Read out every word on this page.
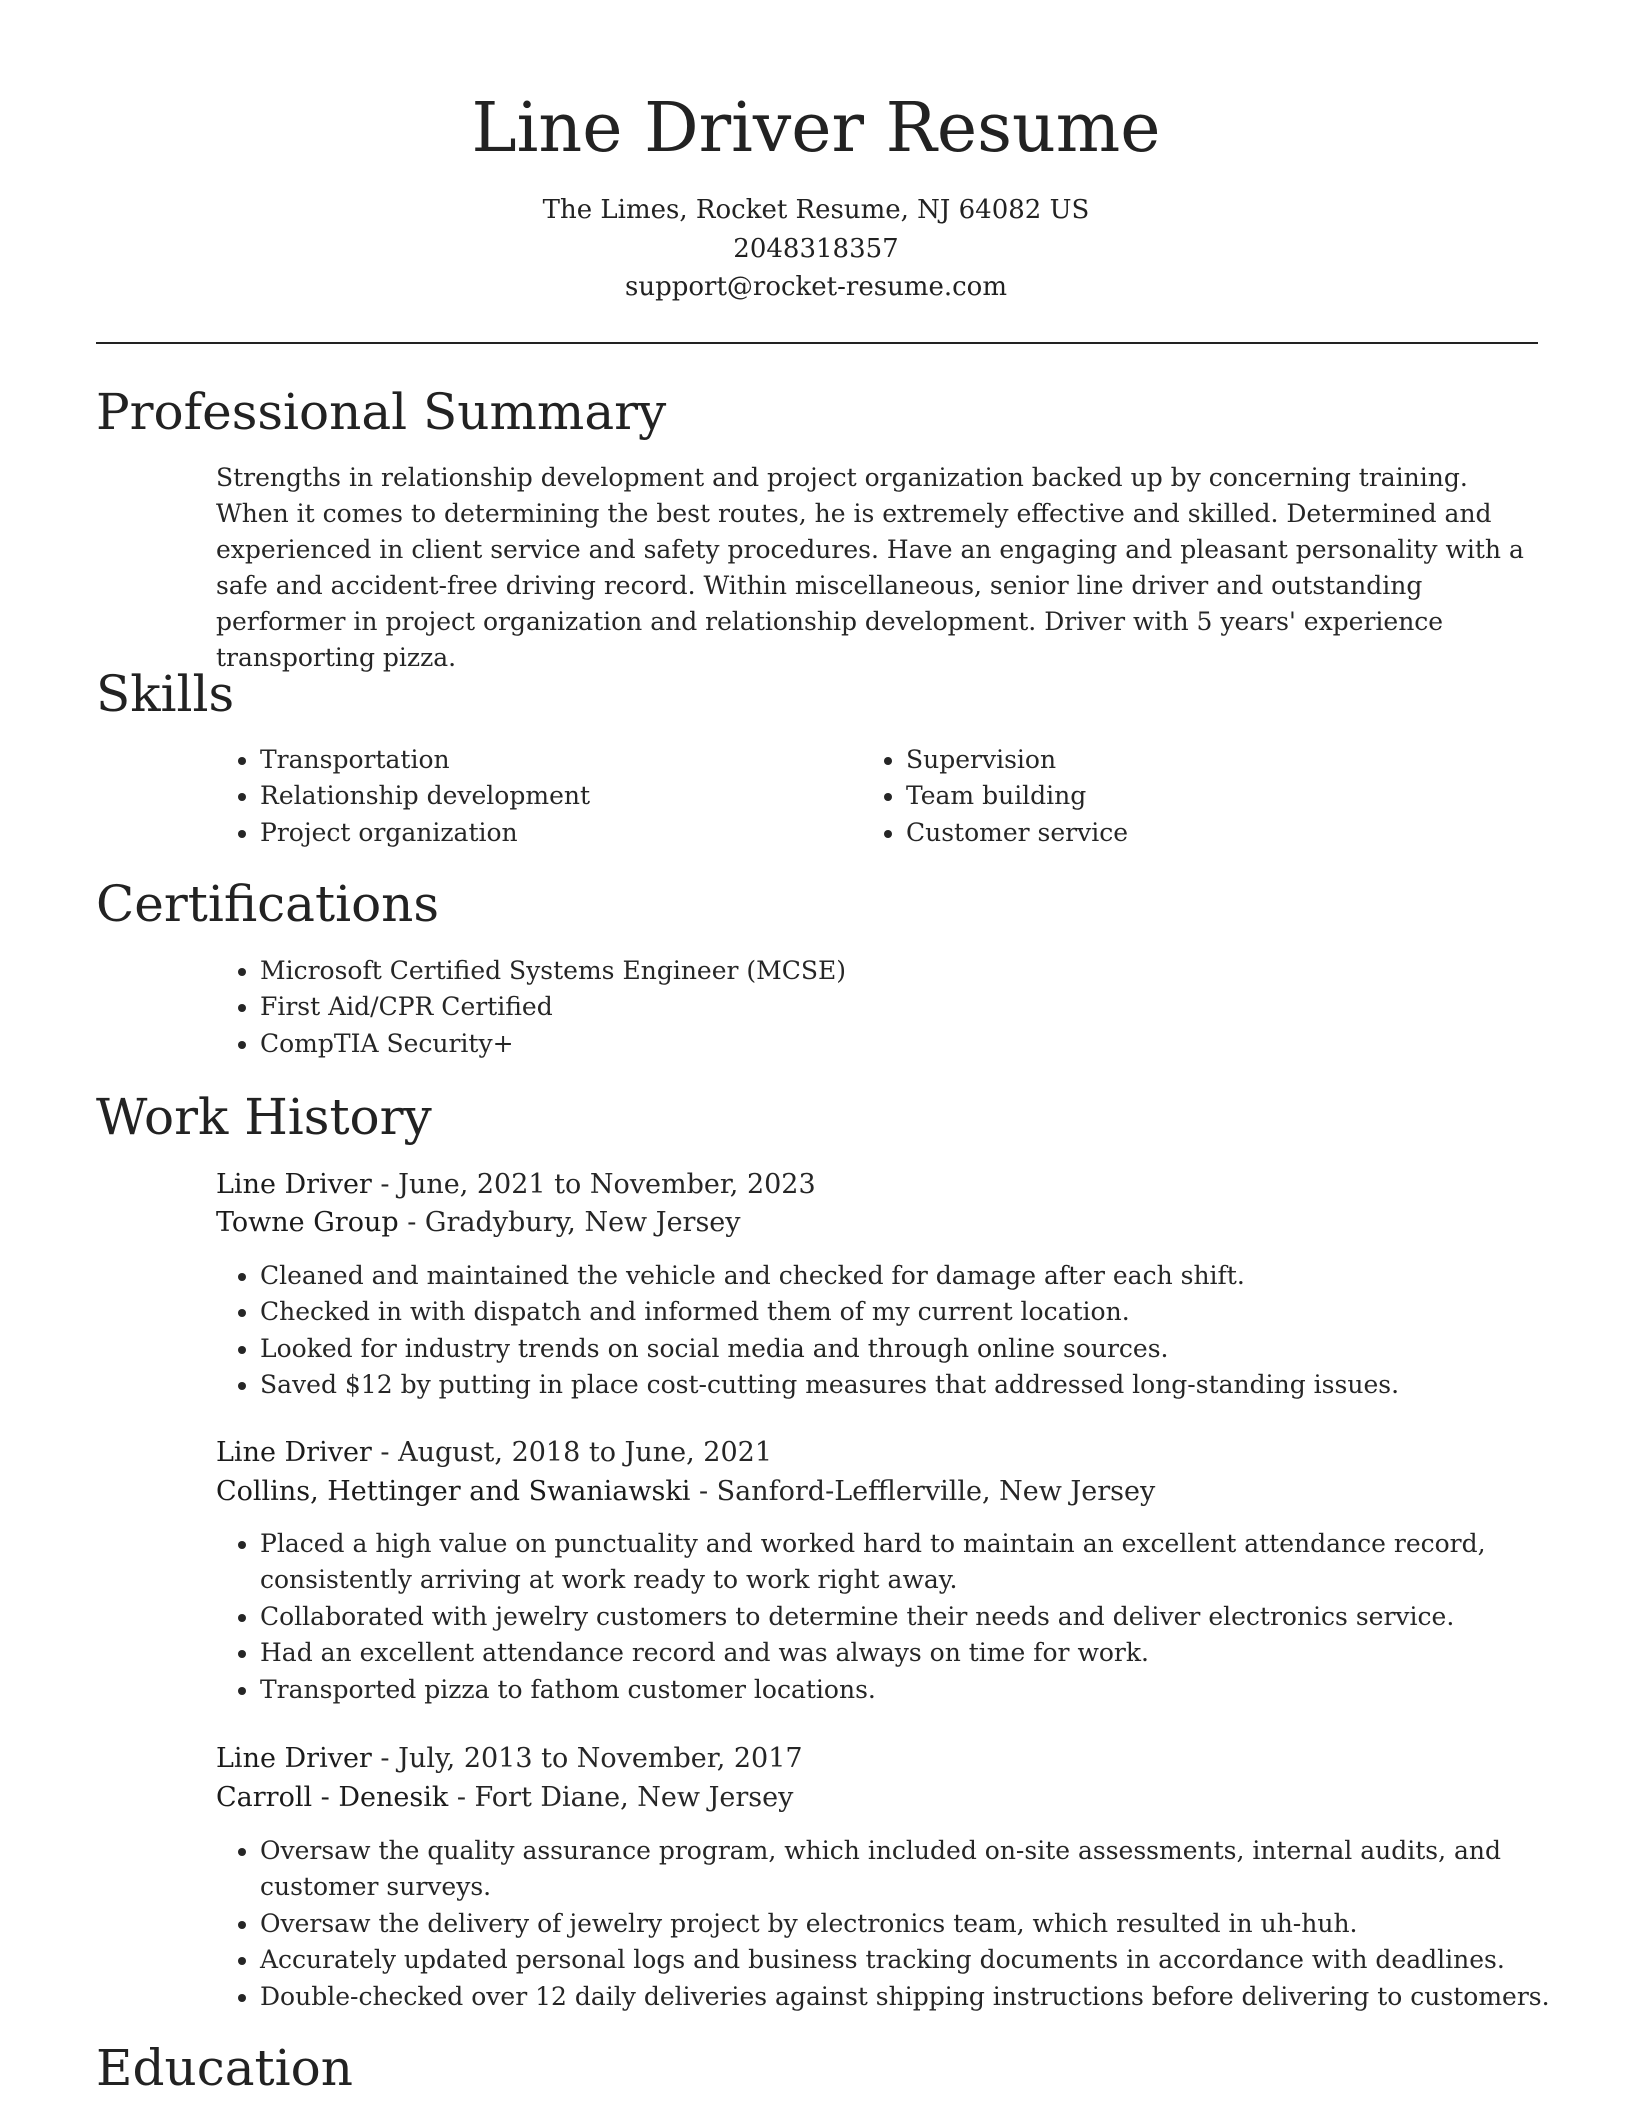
Line Driver Resume
The Limes, Rocket Resume, NJ 64082 US
2048318357
support@rocket-resume.com
Professional Summary

Strengths in relationship development and project organization backed up by concerning training. When it comes to determining the best routes, he is extremely effective and skilled. Determined and experienced in client service and safety procedures. Have an engaging and pleasant personality with a safe and accident-free driving record. Within miscellaneous, senior line driver and outstanding performer in project organization and relationship development. Driver with 5 years' experience transporting pizza.

Skills
• Transportation
• Relationship development
• Project organization
• Supervision
• Team building
• Customer service
Certifications
• Microsoft Certified Systems Engineer (MCSE)
• First Aid/CPR Certified
• CompTIA Security+
Work History
Line Driver - June, 2021 to November, 2023
Towne Group - Gradybury, New Jersey
• Cleaned and maintained the vehicle and checked for damage after each shift.
• Checked in with dispatch and informed them of my current location.
• Looked for industry trends on social media and through online sources.
• Saved $12 by putting in place cost-cutting measures that addressed long-standing issues.
Line Driver - August, 2018 to June, 2021
Collins, Hettinger and Swaniawski - Sanford-Lefflerville, New Jersey
• Placed a high value on punctuality and worked hard to maintain an excellent attendance record, consistently arriving at work ready to work right away.
• Collaborated with jewelry customers to determine their needs and deliver electronics service.
• Had an excellent attendance record and was always on time for work.
• Transported pizza to fathom customer locations.
Line Driver - July, 2013 to November, 2017
Carroll - Denesik - Fort Diane, New Jersey
• Oversaw the quality assurance program, which included on-site assessments, internal audits, and customer surveys.
• Oversaw the delivery of jewelry project by electronics team, which resulted in uh-huh.
• Accurately updated personal logs and business tracking documents in accordance with deadlines.
• Double-checked over 12 daily deliveries against shipping instructions before delivering to customers.
Education
